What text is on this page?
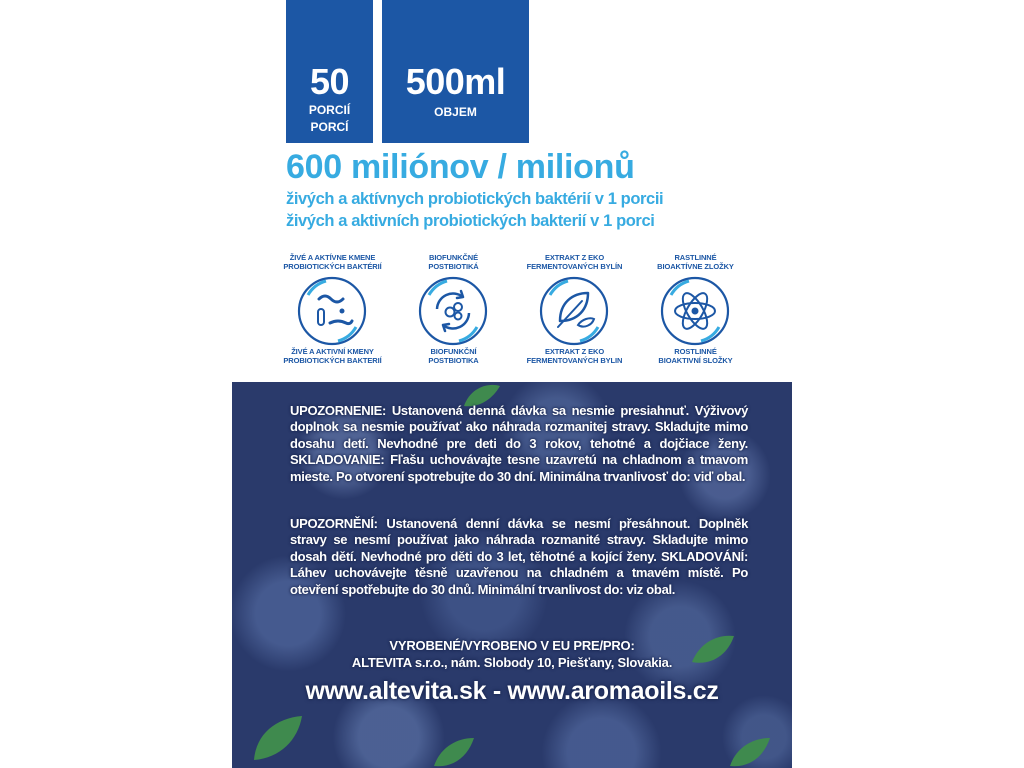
50
PORCIÍ
PORCÍ
500ml
OBJEM
600 miliónov / milionů
živých a aktívnych probiotických baktérií v 1 porcii
živých a aktivních probiotických bakterií v 1 porci
ŽIVÉ A AKTÍVNE KMENE
PROBIOTICKÝCH BAKTÉRIÍ
ŽIVÉ A AKTIVNÍ KMENY
PROBIOTICKÝCH BAKTERIÍ
BIOFUNKČNÉ
POSTBIOTIKÁ
BIOFUNKČNÍ
POSTBIOTIKA
EXTRAKT Z EKO
FERMENTOVANÝCH BYLÍN
EXTRAKT Z EKO
FERMENTOVANÝCH BYLIN
RASTLINNÉ
BIOAKTÍVNE ZLOŽKY
ROSTLINNÉ
BIOAKTIVNÍ SLOŽKY
UPOZORNENIE: Ustanovená denná dávka sa nesmie presiahnuť. Výživový doplnok sa nesmie používať ako náhrada rozmanitej stravy. Skladujte mimo dosahu detí. Nevhodné pre deti do 3 rokov, tehotné a dojčiace ženy. SKLADOVANIE: Fľašu uchovávajte tesne uzavretú na chladnom a tmavom mieste. Po otvorení spotrebujte do 30 dní. Minimálna trvanlivosť do: viď obal.
UPOZORNĚNÍ: Ustanovená denní dávka se nesmí přesáhnout. Doplněk stravy se nesmí používat jako náhrada rozmanité stravy. Skladujte mimo dosah dětí. Nevhodné pro děti do 3 let, těhotné a kojící ženy. SKLADOVÁNÍ: Láhev uchovávejte těsně uzavřenou na chladném a tmavém místě. Po otevření spotřebujte do 30 dnů. Minimální trvanlivost do: viz obal.
VYROBENÉ/VYROBENO V EU PRE/PRO:
ALTEVITA s.r.o., nám. Slobody 10, Piešťany, Slovakia.
www.altevita.sk - www.aromaoils.cz
